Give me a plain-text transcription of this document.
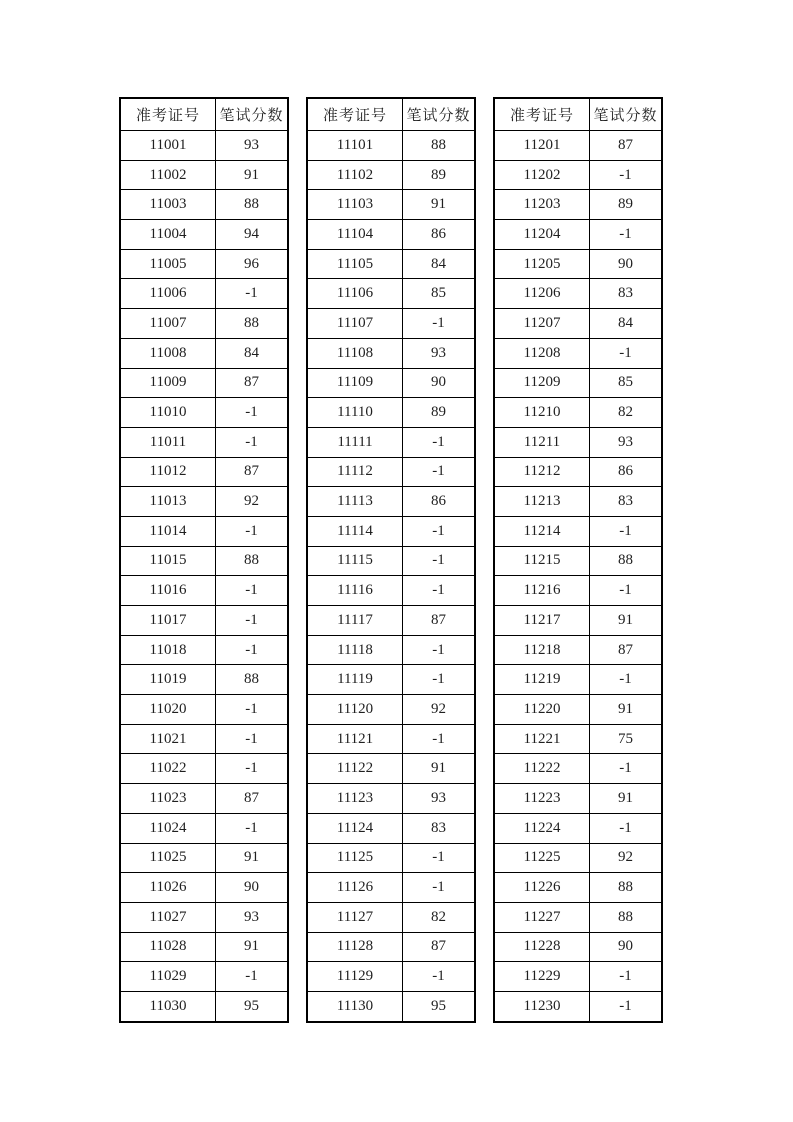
准考证号	笔试分数
11001	93
11002	91
11003	88
11004	94
11005	96
11006	-1
11007	88
11008	84
11009	87
11010	-1
11011	-1
11012	87
11013	92
11014	-1
11015	88
11016	-1
11017	-1
11018	-1
11019	88
11020	-1
11021	-1
11022	-1
11023	87
11024	-1
11025	91
11026	90
11027	93
11028	91
11029	-1
11030	95
准考证号	笔试分数
11101	88
11102	89
11103	91
11104	86
11105	84
11106	85
11107	-1
11108	93
11109	90
11110	89
11111	-1
11112	-1
11113	86
11114	-1
11115	-1
11116	-1
11117	87
11118	-1
11119	-1
11120	92
11121	-1
11122	91
11123	93
11124	83
11125	-1
11126	-1
11127	82
11128	87
11129	-1
11130	95
准考证号	笔试分数
11201	87
11202	-1
11203	89
11204	-1
11205	90
11206	83
11207	84
11208	-1
11209	85
11210	82
11211	93
11212	86
11213	83
11214	-1
11215	88
11216	-1
11217	91
11218	87
11219	-1
11220	91
11221	75
11222	-1
11223	91
11224	-1
11225	92
11226	88
11227	88
11228	90
11229	-1
11230	-1
